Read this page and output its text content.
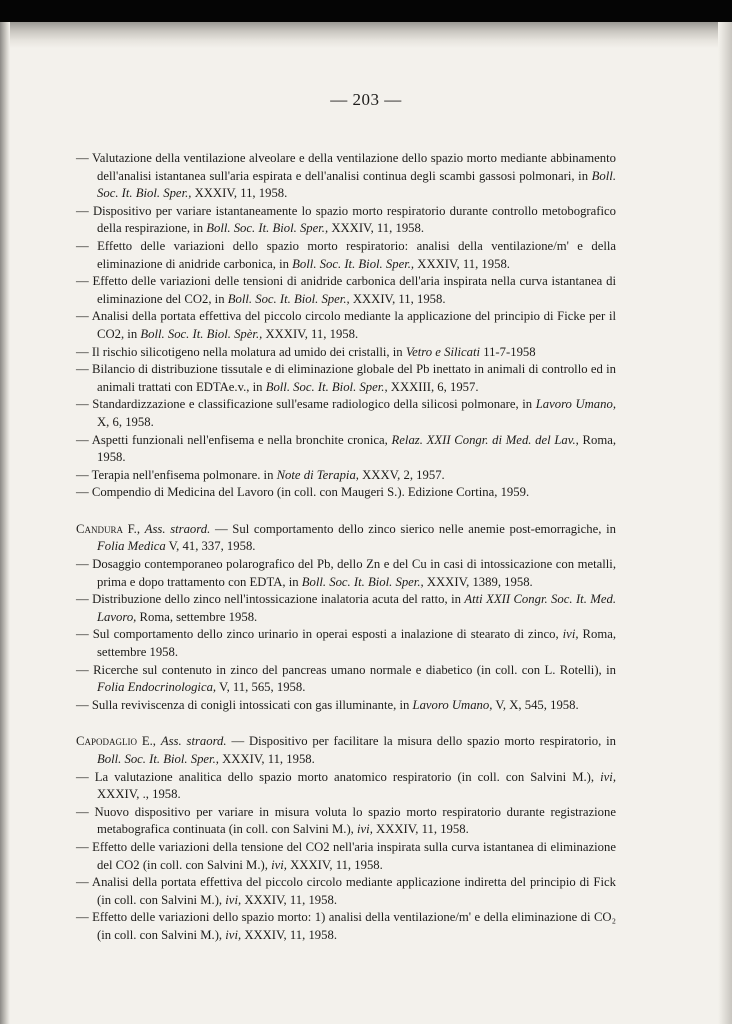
— 203 —
— Valutazione della ventilazione alveolare e della ventilazione dello spazio morto mediante abbinamento dell'analisi istantanea sull'aria espirata e dell'analisi continua degli scambi gassosi polmonari, in Boll. Soc. It. Biol. Sper., XXXIV, 11, 1958.
— Dispositivo per variare istantaneamente lo spazio morto respiratorio durante controllo metobografico della respirazione, in Boll. Soc. It. Biol. Sper., XXXIV, 11, 1958.
— Effetto delle variazioni dello spazio morto respiratorio: analisi della ventilazione/m' e della eliminazione di anidride carbonica, in Boll. Soc. It. Biol. Sper., XXXIV, 11, 1958.
— Effetto delle variazioni delle tensioni di anidride carbonica dell'aria inspirata nella curva istantanea di eliminazione del CO2, in Boll. Soc. It. Biol. Sper., XXXIV, 11, 1958.
— Analisi della portata effettiva del piccolo circolo mediante la applicazione del principio di Ficke per il CO2, in Boll. Soc. It. Biol. Spèr., XXXIV, 11, 1958.
— Il rischio silicotigeno nella molatura ad umido dei cristalli, in Vetro e Silicati 11-7-1958
— Bilancio di distribuzione tissutale e di eliminazione globale del Pb inettato in animali di controllo ed in animali trattati con EDTAe.v., in Boll. Soc. It. Biol. Sper., XXXIII, 6, 1957.
— Standardizzazione e classificazione sull'esame radiologico della silicosi polmonare, in Lavoro Umano, X, 6, 1958.
— Aspetti funzionali nell'enfisema e nella bronchite cronica, Relaz. XXII Congr. di Med. del Lav., Roma, 1958.
— Terapia nell'enfisema polmonare. in Note di Terapia, XXXV, 2, 1957.
— Compendio di Medicina del Lavoro (in coll. con Maugeri S.). Edizione Cortina, 1959.
Candura F., Ass. straord. — Sul comportamento dello zinco sierico nelle anemie post-emorragiche, in Folia Medica V, 41, 337, 1958.
— Dosaggio contemporaneo polarografico del Pb, dello Zn e del Cu in casi di intossicazione con metalli, prima e dopo trattamento con EDTA, in Boll. Soc. It. Biol. Sper., XXXIV, 1389, 1958.
— Distribuzione dello zinco nell'intossicazione inalatoria acuta del ratto, in Atti XXII Congr. Soc. It. Med. Lavoro, Roma, settembre 1958.
— Sul comportamento dello zinco urinario in operai esposti a inalazione di stearato di zinco, ivi, Roma, settembre 1958.
— Ricerche sul contenuto in zinco del pancreas umano normale e diabetico (in coll. con L. Rotelli), in Folia Endocrinologica, V, 11, 565, 1958.
— Sulla reviviscenza di conigli intossicati con gas illuminante, in Lavoro Umano, V, X, 545, 1958.
Capodaglio E., Ass. straord. — Dispositivo per facilitare la misura dello spazio morto respiratorio, in Boll. Soc. It. Biol. Sper., XXXIV, 11, 1958.
— La valutazione analitica dello spazio morto anatomico respiratorio (in coll. con Salvini M.), ivi, XXXIV, ., 1958.
— Nuovo dispositivo per variare in misura voluta lo spazio morto respiratorio durante registrazione metabografica continuata (in coll. con Salvini M.), ivi, XXXIV, 11, 1958.
— Effetto delle variazioni della tensione del CO2 nell'aria inspirata sulla curva istantanea di eliminazione del CO2 (in coll. con Salvini M.), ivi, XXXIV, 11, 1958.
— Analisi della portata effettiva del piccolo circolo mediante applicazione indiretta del principio di Fick (in coll. con Salvini M.), ivi, XXXIV, 11, 1958.
— Effetto delle variazioni dello spazio morto: 1) analisi della ventilazione/m' e della eliminazione di CO₂ (in coll. con Salvini M.), ivi, XXXIV, 11, 1958.
